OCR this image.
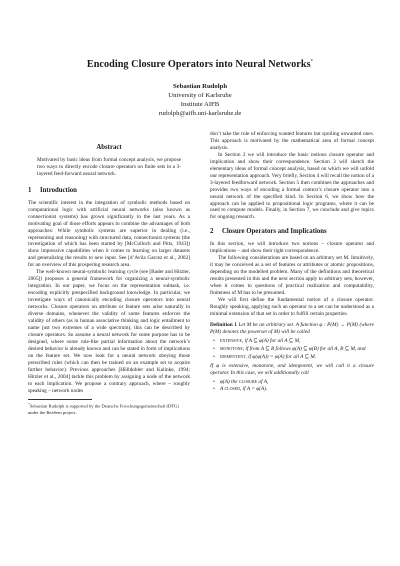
Encoding Closure Operators into Neural Networks*
Sebastian Rudolph
University of Karlsruhe
Institute AIFB
rudolph@aifb.uni-karlsruhe.de
Abstract

Motivated by basic ideas from formal concept analysis, we propose two ways to directly encode closure operators on finite sets in a 3-layered feed-forward neural network.

1 Introduction

The scientific interest in the integration of symbolic methods based on computational logic with artificial neural networks (also known as connectionist systems) has grown significantly in the last years. As a motivating goal of those efforts appears to combine the advantages of both approaches: While symbolic systems are superior in dealing (i.e., representing and reasoning) with structured data, connectionist systems (the investigation of which has been started by [McCulloch and Pitts, 1943]) show impressive capabilities when it comes to learning on larger datasets and generalizing the results to new input. See [d’Avila Garcez et al., 2002] for an overview of this prospering research area.

The well-known neural-symbolic learning cycle (see [Bader and Hitzler, 2005]) proposes a general framework for organizing a neural-symbolic integration. In our paper, we focus on the representation subtask, i.e. encoding explicitly prespecified background knowledge. In particular, we investigate ways of canonically encoding closure operators into neural networks. Closure operators on attribute or feature sets arise naturally in diverse domains, whenever the validity of some features enforces the validity of others (as in human associative thinking and logic entailment to name just two extremes of a wide spectrum), this can be described by closure operators. So assume a neural network for some purpose has to be designed, where some rule-like partial information about the network’s desired behavior is already known and can be stated in form of implications on the feature set. We now look for a neural network obeying those prescribed rules (which can then be trained on an example set to acquire further behavior). Previous approaches [Hölldobler and Kalinke, 1994; Hitzler et al., 2004] tackle this problem by assigning a node of the network to each implication. We propose a contrary approach, where – roughly speaking – network nodes

*Sebastian Rudolph is supported by the Deutsche Forschungsgemeinschaft (DFG) under the ReaSem project.

don’t take the role of enforcing wanted features but spoiling unwanted ones. This approach is motivated by the mathematical area of formal concept analysis.

In Section 2 we will introduce the basic notions closure operator and implication and show their correspondence. Section 3 will sketch the elementary ideas of formal concept analysis, based on which we will unfold our representation approach. Very briefly, Section 4 will recall the notion of a 3-layered feedforward network. Section 5 then combines the approaches and provides two ways of encoding a formal context’s closure operator into a neural network of the specified kind. In Section 6, we show how the approach can be applied to propositional logic programs, where it can be used to compute models. Finally, in Section 7, we conclude and give topics for ongoing research.

2 Closure Operators and Implications

In this section, we will introduce two notions – closure operator and implications – and show their tight correspondence.

The following considerations are based on an arbitrary set M. Intuitively, it may be conceived as a set of features or attributes or atomic propositions, depending on the modelled problem. Many of the definitions and theoretical results presented in this and the next section apply to arbitrary sets, however, when it comes to questions of practical realization and computability, finiteness of M has to be presumed.

We will first define the fundamental notion of a closure operator. Roughly speaking, applying such an operator to a set can be understood as a minimal extension of that set in order to fulfill certain properties.

Definition 1 Let M be an arbitrary set. A function φ : P(M) → P(M) (where P(M) denotes the powerset of M) will be called

• extensive, if A ⊆ φ(A) for all A ⊆ M,
• monotone, if from A ⊆ B follows φ(A) ⊆ φ(B) for all A, B ⊆ M, and
• idempotent, if φ(φ(A)) = φ(A) for all A ⊆ M.

If φ is extensive, monotone, and idempotent, we will call it a closure operator. In this case, we will additionally call

• φ(A) the closure of A,
• A closed, if A = φ(A).
